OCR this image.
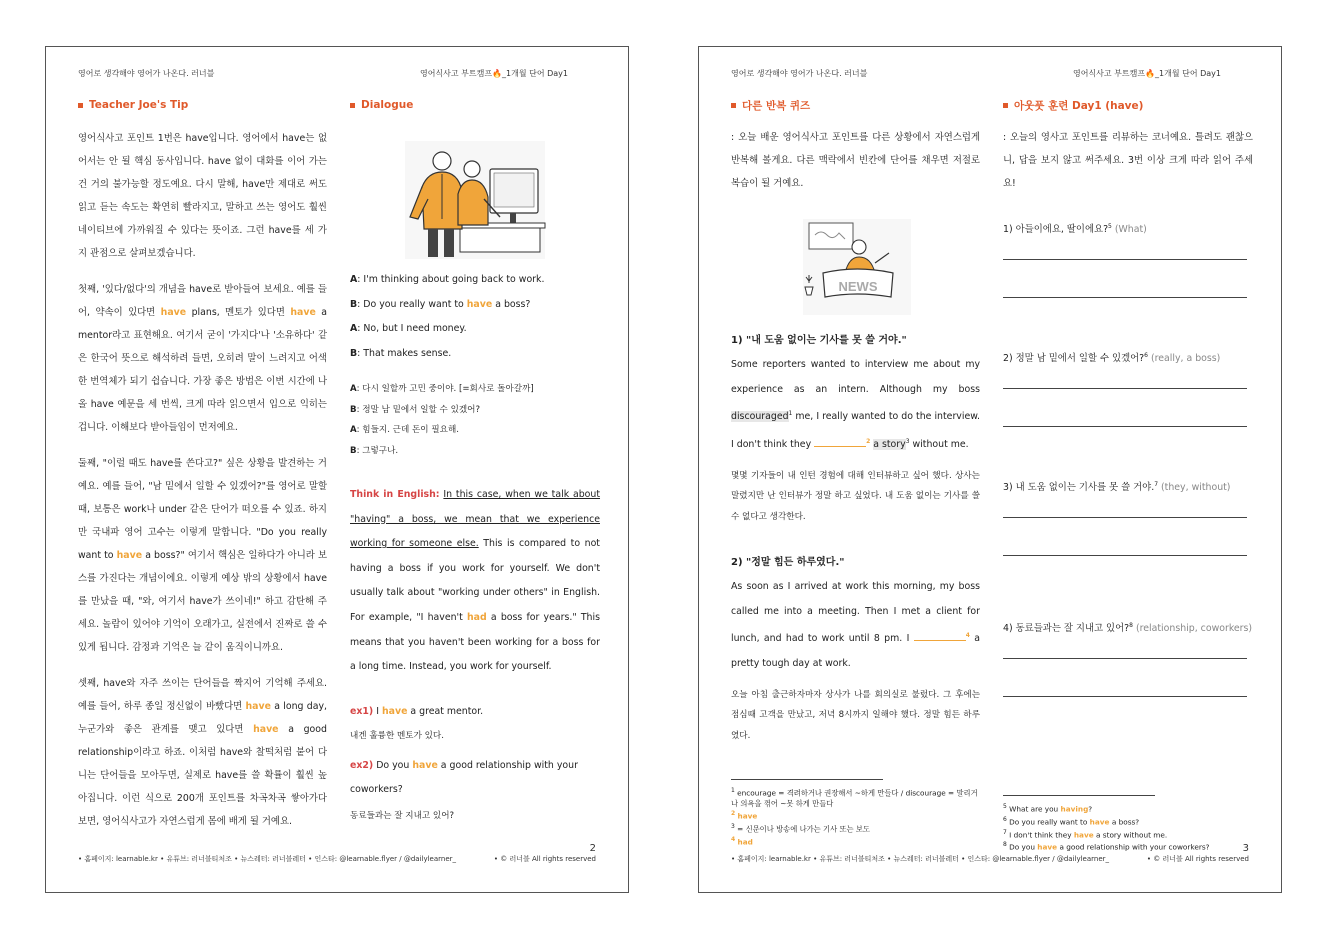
영어로 생각해야 영어가 나온다. 러너블	영어식사고 부트캠프🔥_1개월 단어 Day1
Teacher Joe's Tip

영어식사고 포인트 1번은 have입니다. 영어에서 have는 없어서는 안 될 핵심 동사입니다. have 없이 대화를 이어 가는 건 거의 불가능할 정도예요. 다시 말해, have만 제대로 써도 읽고 듣는 속도는 확연히 빨라지고, 말하고 쓰는 영어도 훨씬 네이티브에 가까워질 수 있다는 뜻이죠. 그런 have를 세 가지 관점으로 살펴보겠습니다.

첫째, '있다/없다'의 개념을 have로 받아들여 보세요. 예를 들어, 약속이 있다면 have plans, 멘토가 있다면 have a mentor라고 표현해요. 여기서 굳이 '가지다'나 '소유하다' 같은 한국어 뜻으로 해석하려 들면, 오히려 말이 느려지고 어색한 번역체가 되기 쉽습니다. 가장 좋은 방법은 이번 시간에 나올 have 예문을 세 번씩, 크게 따라 읽으면서 입으로 익히는 겁니다. 이해보다 받아들임이 먼저예요.

둘째, "이럴 때도 have를 쓴다고?" 싶은 상황을 발견하는 거예요. 예를 들어, "남 밑에서 일할 수 있겠어?"를 영어로 말할 때, 보통은 work나 under 같은 단어가 떠오를 수 있죠. 하지만 국내파 영어 고수는 이렇게 말합니다. "Do you really want to have a boss?" 여기서 핵심은 일하다가 아니라 보스를 가진다는 개념이에요. 이렇게 예상 밖의 상황에서 have를 만났을 때, "와, 여기서 have가 쓰이네!" 하고 감탄해 주세요. 놀람이 있어야 기억이 오래가고, 실전에서 진짜로 쓸 수 있게 됩니다. 감정과 기억은 늘 같이 움직이니까요.

셋째, have와 자주 쓰이는 단어들을 짝지어 기억해 주세요. 예를 들어, 하루 종일 정신없이 바빴다면 have a long day, 누군가와 좋은 관계를 맺고 있다면 have a good relationship이라고 하죠. 이처럼 have와 찰떡처럼 붙어 다니는 단어들을 모아두면, 실제로 have를 쓸 확률이 훨씬 높아집니다. 이런 식으로 200개 포인트를 차곡차곡 쌓아가다 보면, 영어식사고가 자연스럽게 몸에 배게 될 거예요.

Dialogue

A: I'm thinking about going back to work.

B: Do you really want to have a boss?

A: No, but I need money.

B: That makes sense.

A: 다시 일할까 고민 중이야. [=회사로 돌아갈까]

B: 정말 남 밑에서 일할 수 있겠어?

A: 힘들지. 근데 돈이 필요해.

B: 그렇구나.

Think in English: In this case, when we talk about "having" a boss, we mean that we experience working for someone else. This is compared to not having a boss if you work for yourself. We don't usually talk about "working under others" in English. For example, "I haven't had a boss for years." This means that you haven't been working for a boss for a long time. Instead, you work for yourself.

ex1) I have a great mentor.

내겐 훌륭한 멘토가 있다.

ex2) Do you have a good relationship with your coworkers?

동료들과는 잘 지내고 있어?

2
• 홈페이지: learnable.kr • 유튜브: 러너블티처조 • 뉴스레터: 러너블레터 • 인스타: @learnable.flyer / @dailylearner_	• © 러너블 All rights reserved
영어로 생각해야 영어가 나온다. 러너블	영어식사고 부트캠프🔥_1개월 단어 Day1
다른 반복 퀴즈

: 오늘 배운 영어식사고 포인트를 다른 상황에서 자연스럽게 반복해 볼게요. 다른 맥락에서 빈칸에 단어를 채우면 저절로 복습이 될 거예요.

NEWS

1) "내 도움 없이는 기사를 못 쓸 거야."

Some reporters wanted to interview me about my experience as an intern. Although my boss discouraged$^1$ me, I really wanted to do the interview. I don't think they	$^2$ a story$^3$ without me.

몇몇 기자들이 내 인턴 경험에 대해 인터뷰하고 싶어 했다. 상사는 말렸지만 난 인터뷰가 정말 하고 싶었다. 내 도움 없이는 기사를 쓸 수 없다고 생각한다.

2) "정말 힘든 하루였다."

As soon as I arrived at work this morning, my boss called me into a meeting. Then I met a client for lunch, and had to work until 8 pm. I	$^4$ a pretty tough day at work.

오늘 아침 출근하자마자 상사가 나를 회의실로 불렀다. 그 후에는 점심때 고객을 만났고, 저녁 8시까지 일해야 했다. 정말 힘든 하루였다.

$^1$ encourage = 격려하거나 권장해서 ~하게 만들다 / discourage = 말리거나 의욕을 꺾어 ~못 하게 만들다

$^2$ have

$^3$ = 신문이나 방송에 나가는 기사 또는 보도

$^4$ had

아웃풋 훈련 Day1 (have)

: 오늘의 영사고 포인트를 리뷰하는 코너예요. 틀려도 괜찮으니, 답을 보지 않고 써주세요. 3번 이상 크게 따라 읽어 주세요!

1) 아들이에요, 딸이에요?$^5$ (What)

2) 정말 남 밑에서 일할 수 있겠어?$^6$ (really, a boss)

3) 내 도움 없이는 기사를 못 쓸 거야.$^7$ (they, without)

4) 동료들과는 잘 지내고 있어?$^8$ (relationship, coworkers)

$^5$ What are you having?

$^6$ Do you really want to have a boss?

$^7$ I don't think they have a story without me.

$^8$ Do you have a good relationship with your coworkers?	3
• 홈페이지: learnable.kr • 유튜브: 러너블티처조 • 뉴스레터: 러너블레터 • 인스타: @learnable.flyer / @dailylearner_	• © 러너블 All rights reserved
